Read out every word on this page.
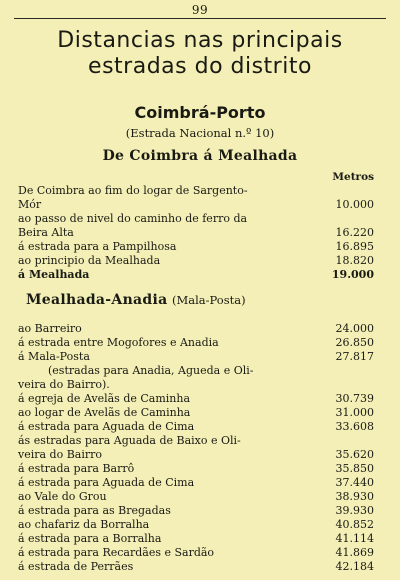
99
Distancias nas principais
estradas do distrito
Coimbrá-Porto
(Estrada Nacional n.º 10)
De Coimbra á Mealhada
Metros
De Coimbra ao fim do logar de Sargento-
Mór	10.000
ao passo de nivel do caminho de ferro da
Beira Alta	16.220
á estrada para a Pampilhosa	16.895
ao principio da Mealhada	18.820
á Mealhada	19.000
Mealhada-Anadia (Mala-Posta)
ao Barreiro	24.000
á estrada entre Mogofores e Anadia	26.850
á Mala-Posta	27.817
(estradas para Anadia, Agueda e Oli-
veira do Bairro).
á egreja de Avelãs de Caminha	30.739
ao logar de Avelãs de Caminha	31.000
á estrada para Aguada de Cima	33.608
ás estradas para Aguada de Baixo e Oli-
veira do Bairro	35.620
á estrada para Barrô	35.850
á estrada para Aguada de Cima	37.440
ao Vale do Grou	38.930
á estrada para as Bregadas	39.930
ao chafariz da Borralha	40.852
á estrada para a Borralha	41.114
á estrada para Recardães e Sardão	41.869
á estrada de Perrães	42.184
